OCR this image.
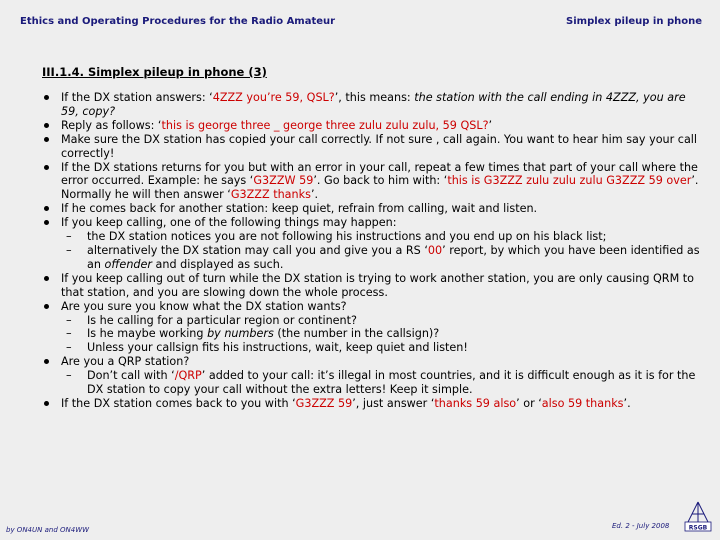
Ethics and Operating Procedures for the Radio Amateur	Simplex pileup in phone
III.1.4. Simplex pileup in phone (3)
If the DX station answers: ‘4ZZZ you’re 59, QSL?’, this means: the station with the call ending in 4ZZZ, you are 59, copy?
Reply as follows: ‘this is george three _ george three zulu zulu zulu, 59 QSL?’
Make sure the DX station has copied your call correctly. If not sure , call again. You want to hear him say your call correctly!
If the DX stations returns for you but with an error in your call, repeat a few times that part of your call where the error occurred. Example: he says ‘G3ZZW 59’. Go back to him with: ‘this is G3ZZZ zulu zulu zulu G3ZZZ 59 over’. Normally he will then answer ‘G3ZZZ thanks’.
If he comes back for another station: keep quiet, refrain from calling, wait and listen.
If you keep calling, one of the following things may happen:
– the DX station notices you are not following his instructions and you end up on his black list;
– alternatively the DX station may call you and give you a RS ‘00’ report, by which you have been identified as an offender and displayed as such.
If you keep calling out of turn while the DX station is trying to work another station, you are only causing QRM to that station, and you are slowing down the whole process.
Are you sure you know what the DX station wants?
– Is he calling for a particular region or continent?
– Is he maybe working by numbers (the number in the callsign)?
– Unless your callsign fits his instructions, wait, keep quiet and listen!
Are you a QRP station?
– Don’t call with ‘/QRP’ added to your call: it’s illegal in most countries, and it is difficult enough as it is for the DX station to copy your call without the extra letters! Keep it simple.
If the DX station comes back to you with ‘G3ZZZ 59’, just answer ‘thanks 59 also’ or ‘also 59 thanks’.
by ON4UN and ON4WW	Ed. 2 - July 2008	RSGB
